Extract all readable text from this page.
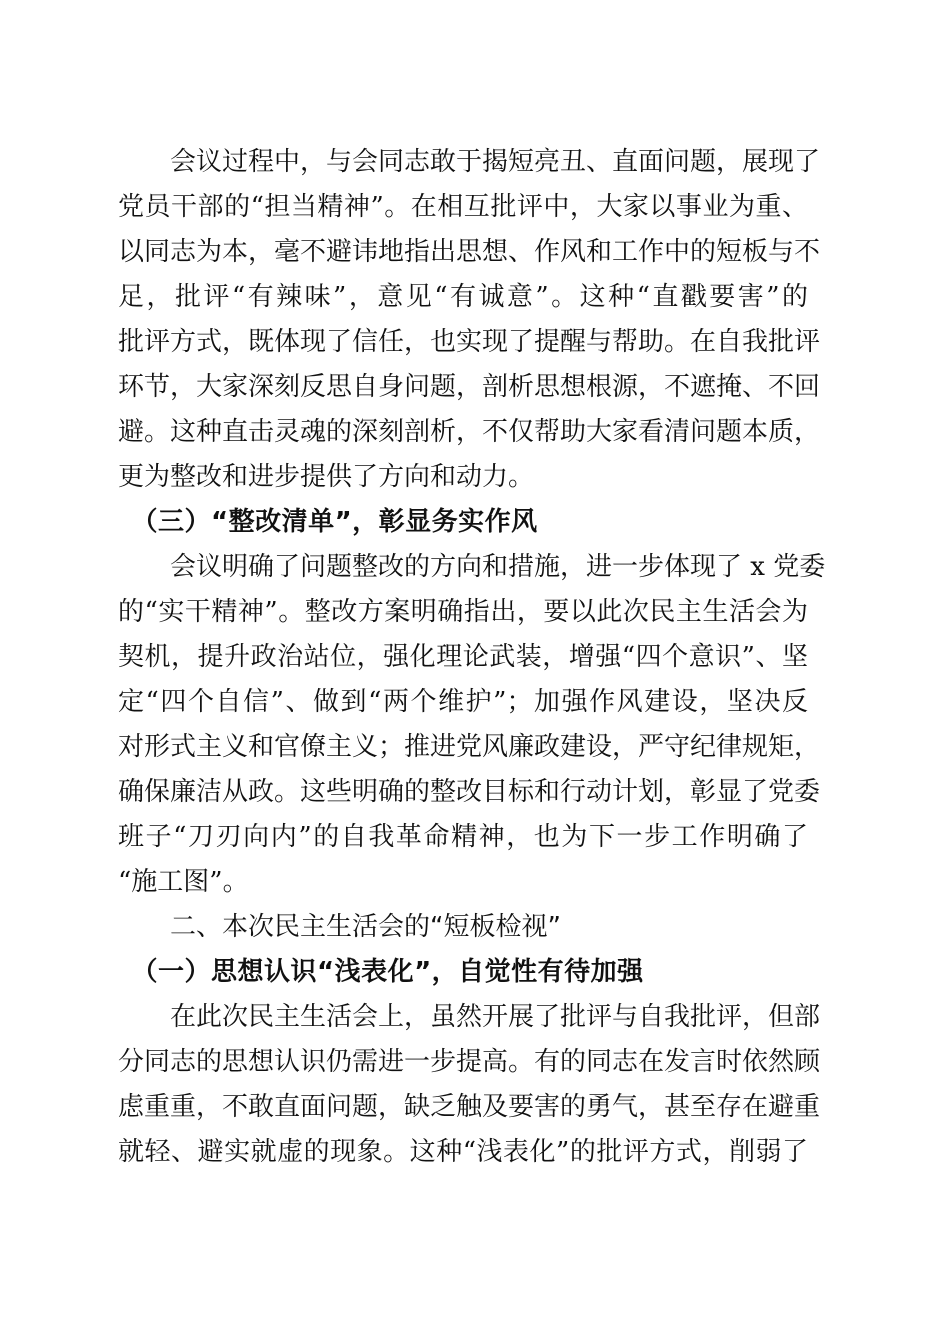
　　会议过程中，与会同志敢于揭短亮丑、直面问题，展现了
党员干部的“担当精神”。在相互批评中，大家以事业为重、
以同志为本，毫不避讳地指出思想、作风和工作中的短板与不
足，批评“有辣味”，意见“有诚意”。这种“直戳要害”的
批评方式，既体现了信任，也实现了提醒与帮助。在自我批评
环节，大家深刻反思自身问题，剖析思想根源，不遮掩、不回
避。这种直击灵魂的深刻剖析，不仅帮助大家看清问题本质，
更为整改和进步提供了方向和动力。
　（三）“整改清单”，彰显务实作风
　　会议明确了问题整改的方向和措施，进一步体现了 x 党委
的“实干精神”。整改方案明确指出，要以此次民主生活会为
契机，提升政治站位，强化理论武装，增强“四个意识”、坚
定“四个自信”、做到“两个维护”；加强作风建设，坚决反
对形式主义和官僚主义；推进党风廉政建设，严守纪律规矩，
确保廉洁从政。这些明确的整改目标和行动计划，彰显了党委
班子“刀刃向内”的自我革命精神，也为下一步工作明确了
“施工图”。
　　二、本次民主生活会的“短板检视”
　（一）思想认识“浅表化”，自觉性有待加强
　　在此次民主生活会上，虽然开展了批评与自我批评，但部
分同志的思想认识仍需进一步提高。有的同志在发言时依然顾
虑重重，不敢直面问题，缺乏触及要害的勇气，甚至存在避重
就轻、避实就虚的现象。这种“浅表化”的批评方式，削弱了
